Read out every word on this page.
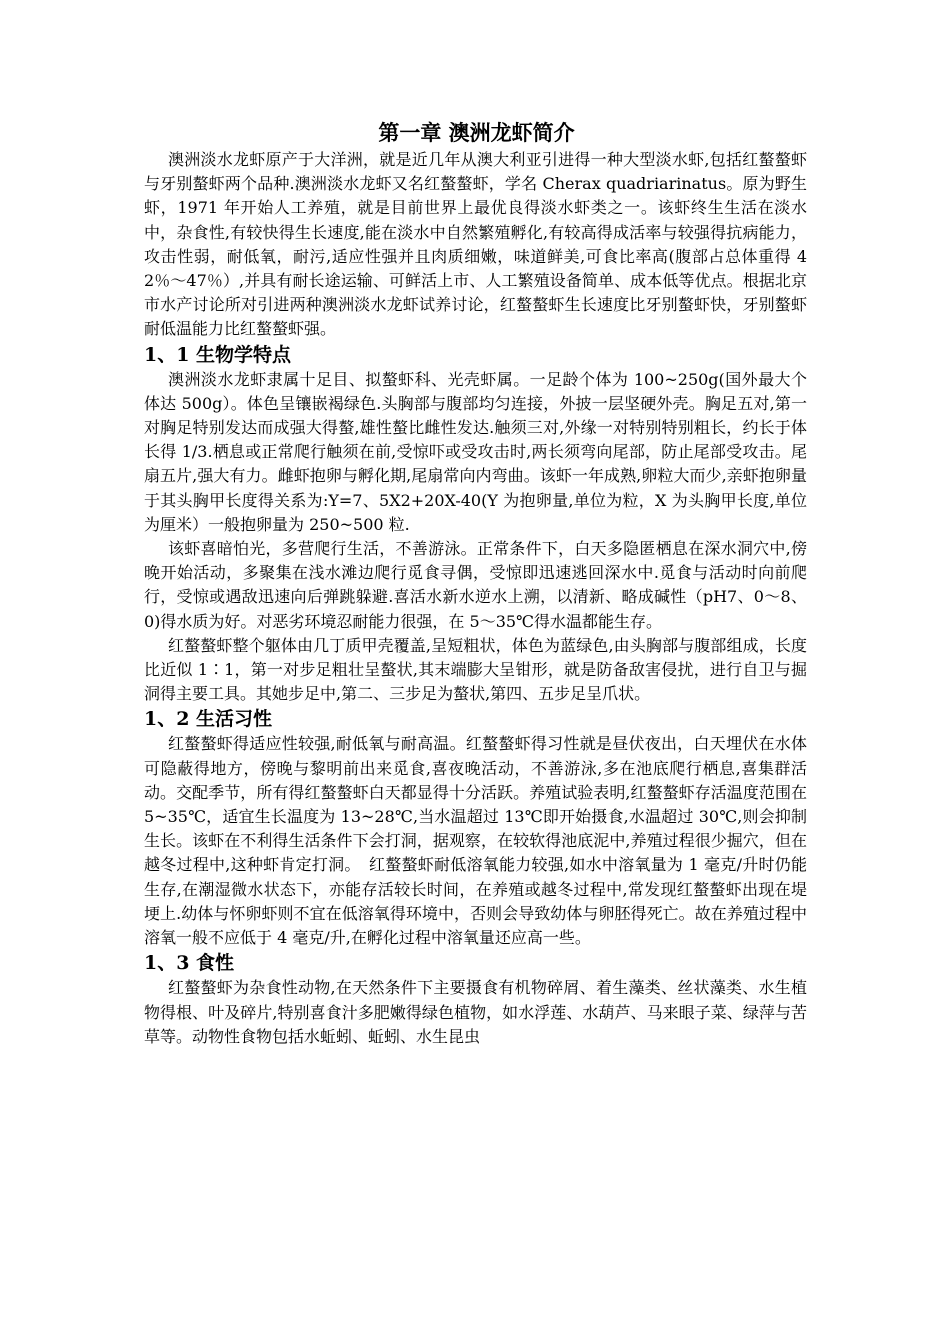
第一章 澳洲龙虾简介

澳洲淡水龙虾原产于大洋洲，就是近几年从澳大利亚引进得一种大型淡水虾,包括红螯螯虾与牙别螯虾两个品种.澳洲淡水龙虾又名红螯螯虾，学名 Cherax quadriarinatus。原为野生虾，1971 年开始人工养殖，就是目前世界上最优良得淡水虾类之一。该虾终生生活在淡水中，杂食性,有较快得生长速度,能在淡水中自然繁殖孵化,有较高得成活率与较强得抗病能力，攻击性弱，耐低氧，耐污,适应性强并且肉质细嫩，味道鲜美,可食比率高(腹部占总体重得 42％～47％）,并具有耐长途运输、可鲜活上市、人工繁殖设备简单、成本低等优点。根据北京市水产讨论所对引进两种澳洲淡水龙虾试养讨论，红螯螯虾生长速度比牙别螯虾快，牙别螯虾耐低温能力比红螯螯虾强。

1、1 生物学特点

澳洲淡水龙虾隶属十足目、拟螯虾科、光壳虾属。一足龄个体为 100~250g(国外最大个体达 500g）。体色呈镶嵌褐绿色.头胸部与腹部均匀连接，外披一层坚硬外壳。胸足五对,第一对胸足特别发达而成强大得螯,雄性螯比雌性发达.触须三对,外缘一对特别特别粗长，约长于体长得 1/3.栖息或正常爬行触须在前,受惊吓或受攻击时,两长须弯向尾部，防止尾部受攻击。尾扇五片,强大有力。雌虾抱卵与孵化期,尾扇常向内弯曲。该虾一年成熟,卵粒大而少,亲虾抱卵量于其头胸甲长度得关系为:Y=7、5X2+20X-40(Y 为抱卵量,单位为粒，X 为头胸甲长度,单位为厘米）一般抱卵量为 250~500 粒.

该虾喜暗怕光，多营爬行生活，不善游泳。正常条件下，白天多隐匿栖息在深水洞穴中,傍晚开始活动，多聚集在浅水滩边爬行觅食寻偶，受惊即迅速逃回深水中.觅食与活动时向前爬行，受惊或遇敌迅速向后弹跳躲避.喜活水新水逆水上溯，以清新、略成碱性（pH7、0～8、0)得水质为好。对恶劣环境忍耐能力很强，在 5～35℃得水温都能生存。

红螯螯虾整个躯体由几丁质甲壳覆盖,呈短粗状，体色为蓝绿色,由头胸部与腹部组成，长度比近似 1∶1，第一对步足粗壮呈螯状,其末端膨大呈钳形，就是防备敌害侵扰，进行自卫与掘洞得主要工具。其她步足中,第二、三步足为螯状,第四、五步足呈爪状。

1、2 生活习性

红螯螯虾得适应性较强,耐低氧与耐高温。红螯螯虾得习性就是昼伏夜出，白天埋伏在水体可隐蔽得地方，傍晚与黎明前出来觅食,喜夜晚活动，不善游泳,多在池底爬行栖息,喜集群活动。交配季节，所有得红螯螯虾白天都显得十分活跃。养殖试验表明,红螯螯虾存活温度范围在 5~35℃，适宜生长温度为 13~28℃,当水温超过 13℃即开始摄食,水温超过 30℃,则会抑制生长。该虾在不利得生活条件下会打洞，据观察，在较软得池底泥中,养殖过程很少掘穴，但在越冬过程中,这种虾肯定打洞。　红螯螯虾耐低溶氧能力较强,如水中溶氧量为 1 毫克/升时仍能生存,在潮湿微水状态下，亦能存活较长时间，在养殖或越冬过程中,常发现红螯螯虾出现在堤埂上.幼体与怀卵虾则不宜在低溶氧得环境中，否则会导致幼体与卵胚得死亡。故在养殖过程中溶氧一般不应低于 4 毫克/升,在孵化过程中溶氧量还应高一些。

1、3 食性

红螯螯虾为杂食性动物,在天然条件下主要摄食有机物碎屑、着生藻类、丝状藻类、水生植物得根、叶及碎片,特别喜食汁多肥嫩得绿色植物，如水浮莲、水葫芦、马来眼子菜、绿萍与苦草等。动物性食物包括水蚯蚓、蚯蚓、水生昆虫
